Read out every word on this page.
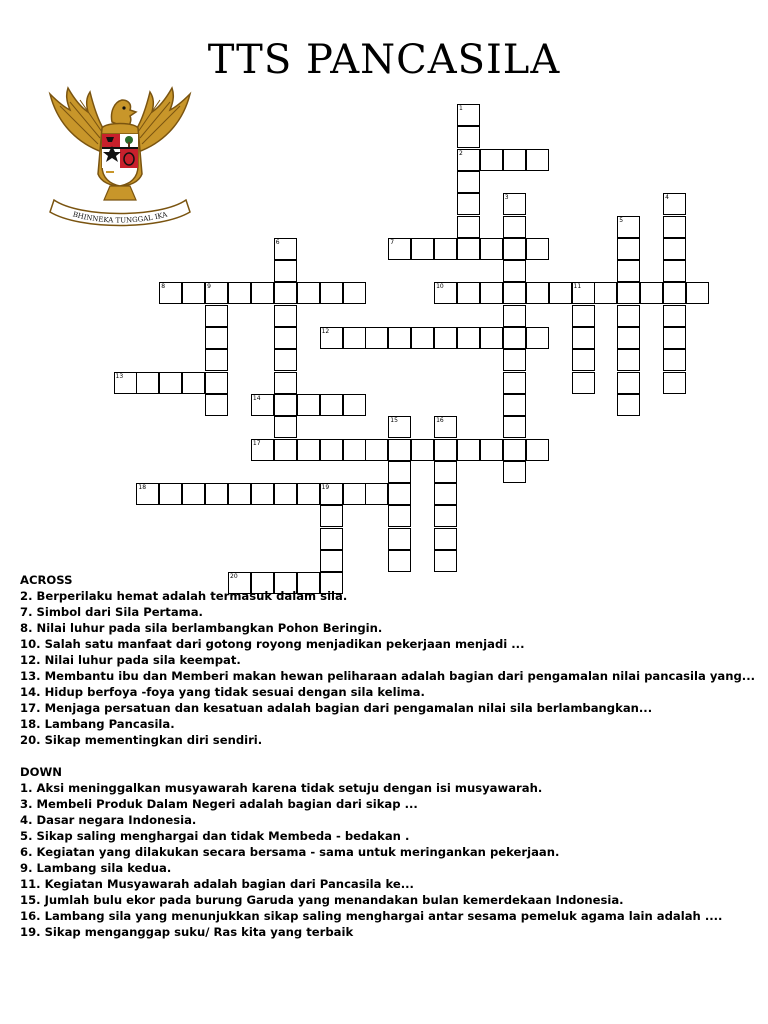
TTS PANCASILA
BHINNEKA TUNGGAL IKA
2
7
8	9	10	11
12
13
14
17
18	19
20
1
3	4
5
6
15	16
ACROSS
2. Berperilaku hemat adalah termasuk dalam sila.
7. Simbol dari Sila Pertama.
8. Nilai luhur pada sila berlambangkan Pohon Beringin.
10. Salah satu manfaat dari gotong royong menjadikan pekerjaan menjadi ...
12. Nilai luhur pada sila keempat.
13. Membantu ibu dan Memberi makan hewan peliharaan adalah bagian dari pengamalan nilai pancasila yang...
14. Hidup berfoya -foya yang tidak sesuai dengan sila kelima.
17. Menjaga persatuan dan kesatuan adalah bagian dari pengamalan nilai sila berlambangkan...
18. Lambang Pancasila.
20. Sikap mementingkan diri sendiri.
DOWN
1. Aksi meninggalkan musyawarah karena tidak setuju dengan isi musyawarah.
3. Membeli Produk Dalam Negeri adalah bagian dari sikap ...
4. Dasar negara Indonesia.
5. Sikap saling menghargai dan tidak Membeda - bedakan .
6. Kegiatan yang dilakukan secara bersama - sama untuk meringankan pekerjaan.
9. Lambang sila kedua.
11. Kegiatan Musyawarah adalah bagian dari Pancasila ke...
15. Jumlah bulu ekor pada burung Garuda yang menandakan bulan kemerdekaan Indonesia.
16. Lambang sila yang menunjukkan sikap saling menghargai antar sesama pemeluk agama lain adalah ....
19. Sikap menganggap suku/ Ras kita yang terbaik
